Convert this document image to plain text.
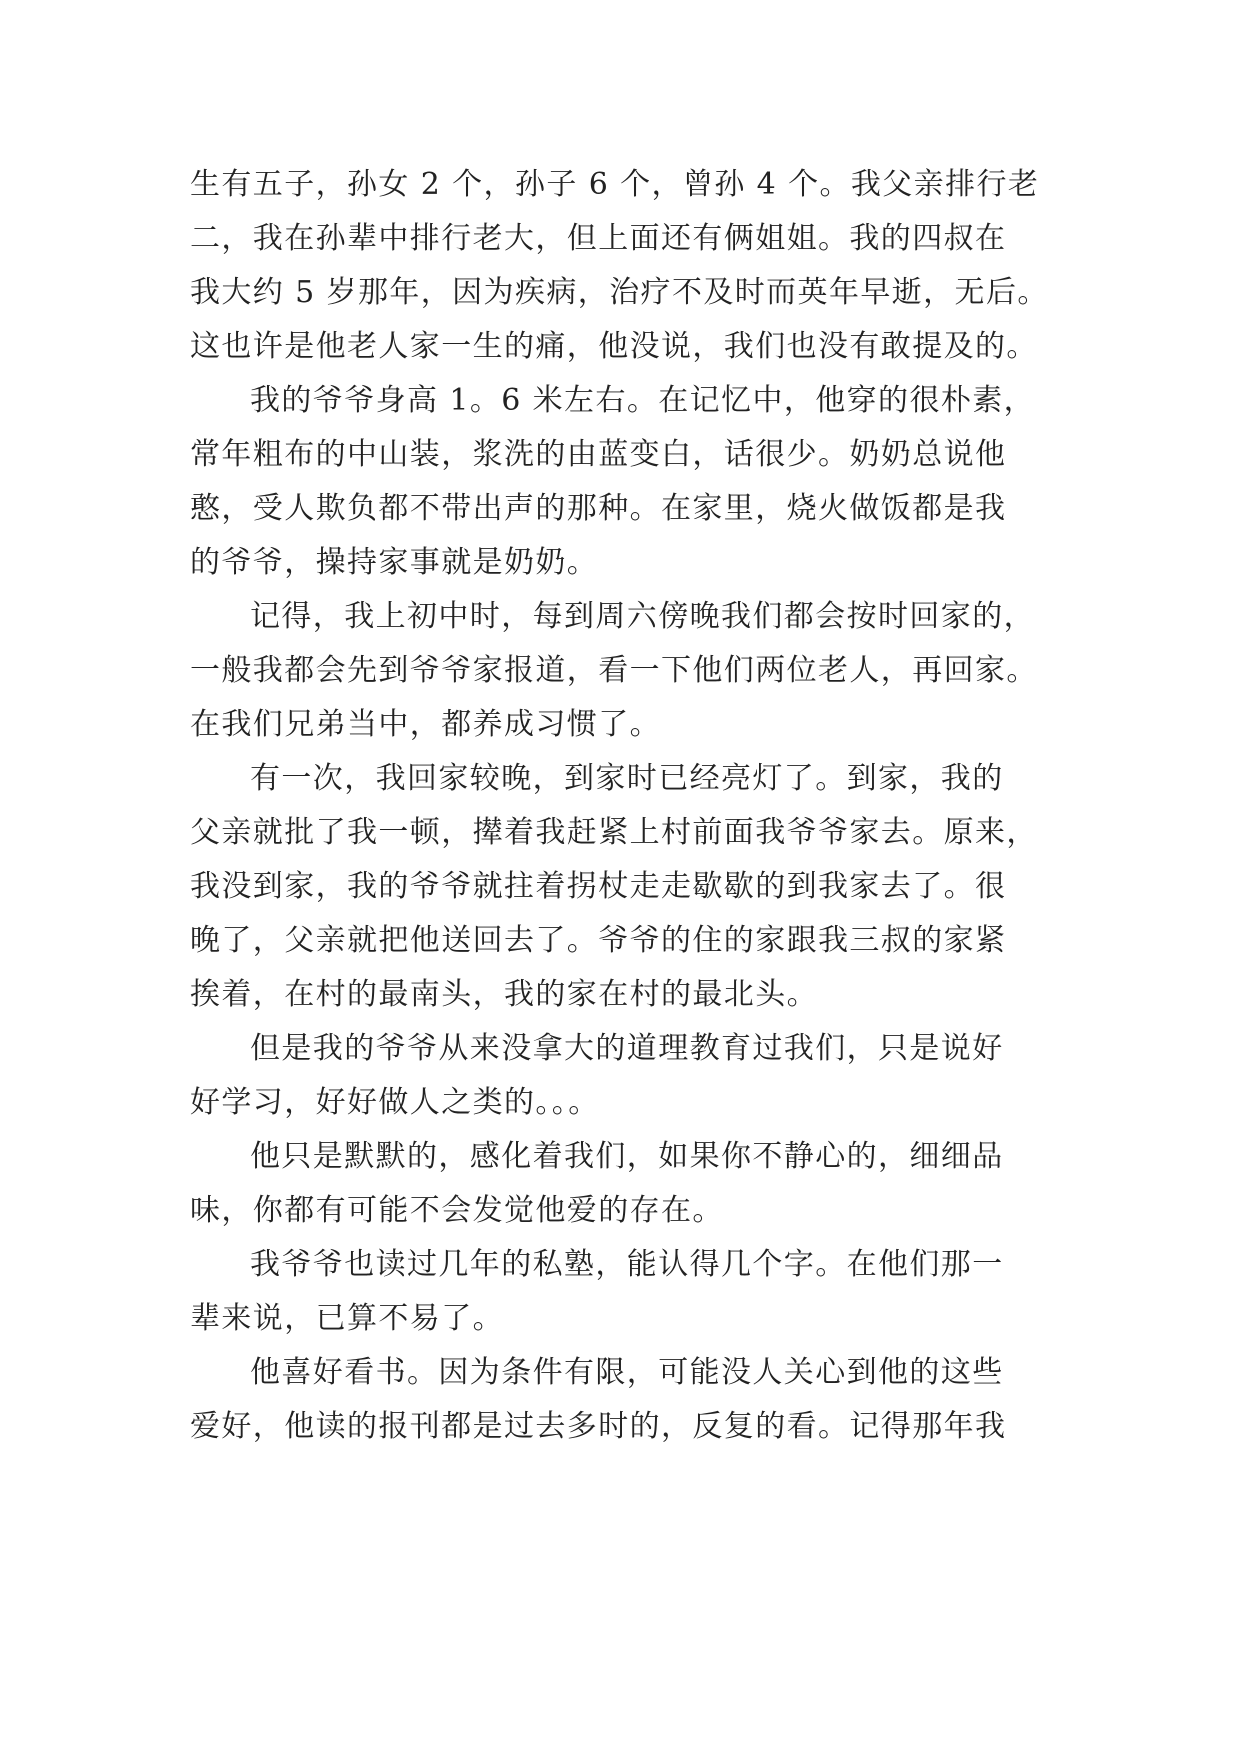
生有五子，孙女 2 个，孙子 6 个，曾孙 4 个。我父亲排行老
二，我在孙辈中排行老大，但上面还有俩姐姐。我的四叔在
我大约 5 岁那年，因为疾病，治疗不及时而英年早逝，无后。
这也许是他老人家一生的痛，他没说，我们也没有敢提及的。
我的爷爷身高 1。6 米左右。在记忆中，他穿的很朴素，
常年粗布的中山装，浆洗的由蓝变白，话很少。奶奶总说他
憨，受人欺负都不带出声的那种。在家里，烧火做饭都是我
的爷爷，操持家事就是奶奶。
记得，我上初中时，每到周六傍晚我们都会按时回家的，
一般我都会先到爷爷家报道，看一下他们两位老人，再回家。
在我们兄弟当中，都养成习惯了。
有一次，我回家较晚，到家时已经亮灯了。到家，我的
父亲就批了我一顿，撵着我赶紧上村前面我爷爷家去。原来，
我没到家，我的爷爷就拄着拐杖走走歇歇的到我家去了。很
晚了，父亲就把他送回去了。爷爷的住的家跟我三叔的家紧
挨着，在村的最南头，我的家在村的最北头。
但是我的爷爷从来没拿大的道理教育过我们，只是说好
好学习，好好做人之类的。。。
他只是默默的，感化着我们，如果你不静心的，细细品
味，你都有可能不会发觉他爱的存在。
我爷爷也读过几年的私塾，能认得几个字。在他们那一
辈来说，已算不易了。
他喜好看书。因为条件有限，可能没人关心到他的这些
爱好，他读的报刊都是过去多时的，反复的看。记得那年我
